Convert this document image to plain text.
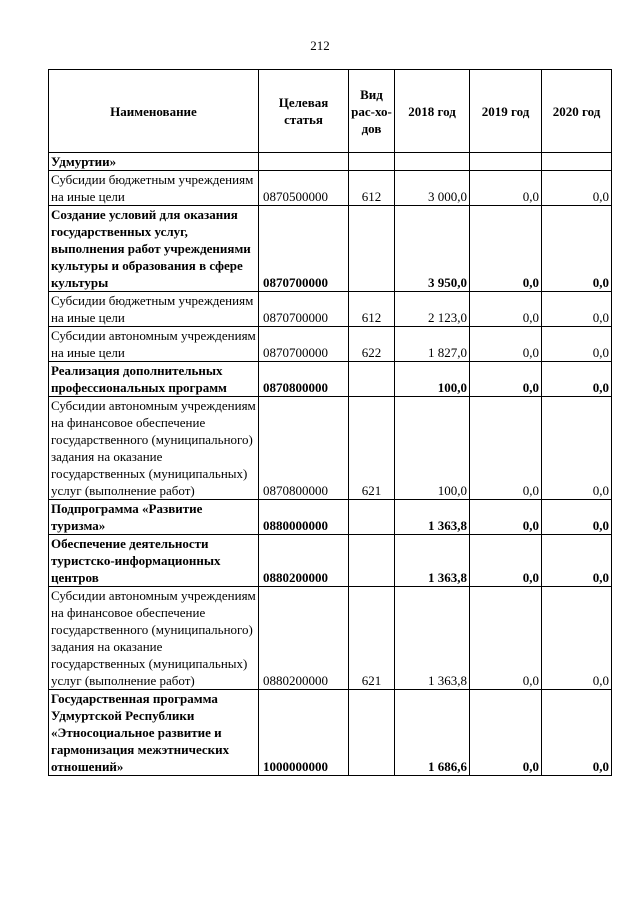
212
Наименование	Целевая статья	Вид рас-хо-дов	2018 год	2019 год	2020 год
Удмуртии»					
Субсидии бюджетным учреждениям на иные цели	0870500000	612	3 000,0	0,0	0,0
Создание условий для оказания государственных услуг, выполнения работ учреждениями культуры и образования в сфере культуры	0870700000		3 950,0	0,0	0,0
Субсидии бюджетным учреждениям на иные цели	0870700000	612	2 123,0	0,0	0,0
Субсидии автономным учреждениям на иные цели	0870700000	622	1 827,0	0,0	0,0
Реализация дополнительных профессиональных программ	0870800000		100,0	0,0	0,0
Субсидии автономным учреждениям на финансовое обеспечение государственного (муниципального) задания на оказание государственных (муниципальных) услуг (выполнение работ)	0870800000	621	100,0	0,0	0,0
Подпрограмма «Развитие туризма»	0880000000		1 363,8	0,0	0,0
Обеспечение деятельности туристско-информационных центров	0880200000		1 363,8	0,0	0,0
Субсидии автономным учреждениям на финансовое обеспечение государственного (муниципального) задания на оказание государственных (муниципальных) услуг (выполнение работ)	0880200000	621	1 363,8	0,0	0,0
Государственная программа Удмуртской Республики «Этносоциальное развитие и гармонизация межэтнических отношений»	1000000000		1 686,6	0,0	0,0
